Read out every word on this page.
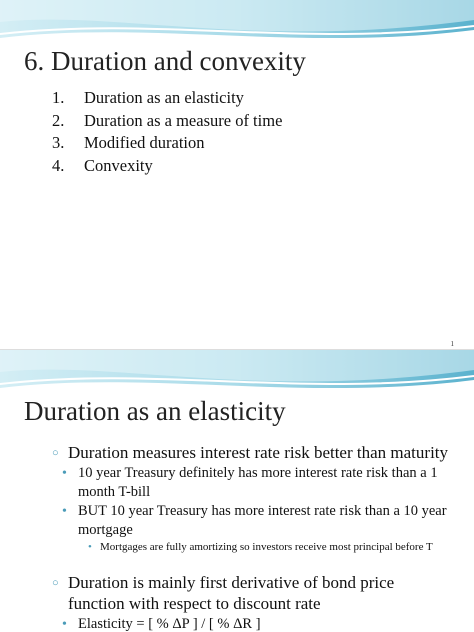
6. Duration and convexity
1.	Duration as an elasticity
2.	Duration as a measure of time
3.	Modified duration
4.	Convexity
1
Duration as an elasticity
○ Duration measures interest rate risk better than maturity
• 10 year Treasury definitely has more interest rate risk than a 1 month T-bill
• BUT 10 year Treasury has more interest rate risk than a 10 year mortgage
• Mortgages are fully amortizing so investors receive most principal before T
○ Duration is mainly first derivative of bond price function with respect to discount rate
• Elasticity = [ % ΔP ] / [ % ΔR ]
